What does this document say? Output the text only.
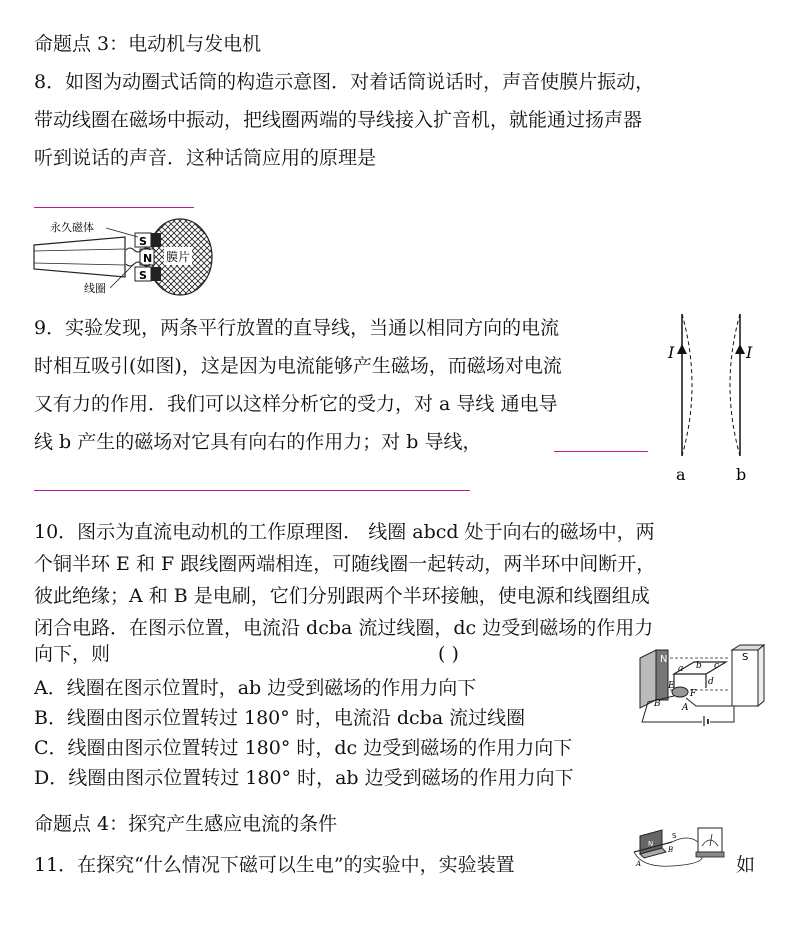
命题点 3：电动机与发电机
8．如图为动圈式话筒的构造示意图．对着话筒说话时，声音使膜片振动，
带动线圈在磁场中振动，把线圈两端的导线接入扩音机，就能通过扬声器
听到说话的声音．这种话筒应用的原理是
膜片
S
N
S
永久磁体
线圈
9．实验发现，两条平行放置的直导线，当通以相同方向的电流
时相互吸引(如图)，这是因为电流能够产生磁场，而磁场对电流
又有力的作用．我们可以这样分析它的受力，对 a 导线 通电导
线 b 产生的磁场对它具有向右的作用力；对 b 导线，
I	I
a	b
10．图示为直流电动机的工作原理图． 线圈 abcd 处于向右的磁场中，两
个铜半环 E 和 F 跟线圈两端相连，可随线圈一起转动，两半环中间断开，
彼此绝缘；A 和 B 是电刷，它们分别跟两个半环接触，使电源和线圈组成
闭合电路．在图示位置，电流沿 dcba 流过线圈，dc 边受到磁场的作用力
向下，则	( )
A．线圈在图示位置时，ab 边受到磁场的作用力向下
B．线圈由图示位置转过 180° 时，电流沿 dcba 流过线圈
C．线圈由图示位置转过 180° 时，dc 边受到磁场的作用力向下
D．线圈由图示位置转过 180° 时，ab 边受到磁场的作用力向下
N	S
a b c
d
E
F
B A
命题点 4：探究产生感应电流的条件
11．在探究“什么情况下磁可以生电”的实验中，实验装置	如
N
S
A
B
